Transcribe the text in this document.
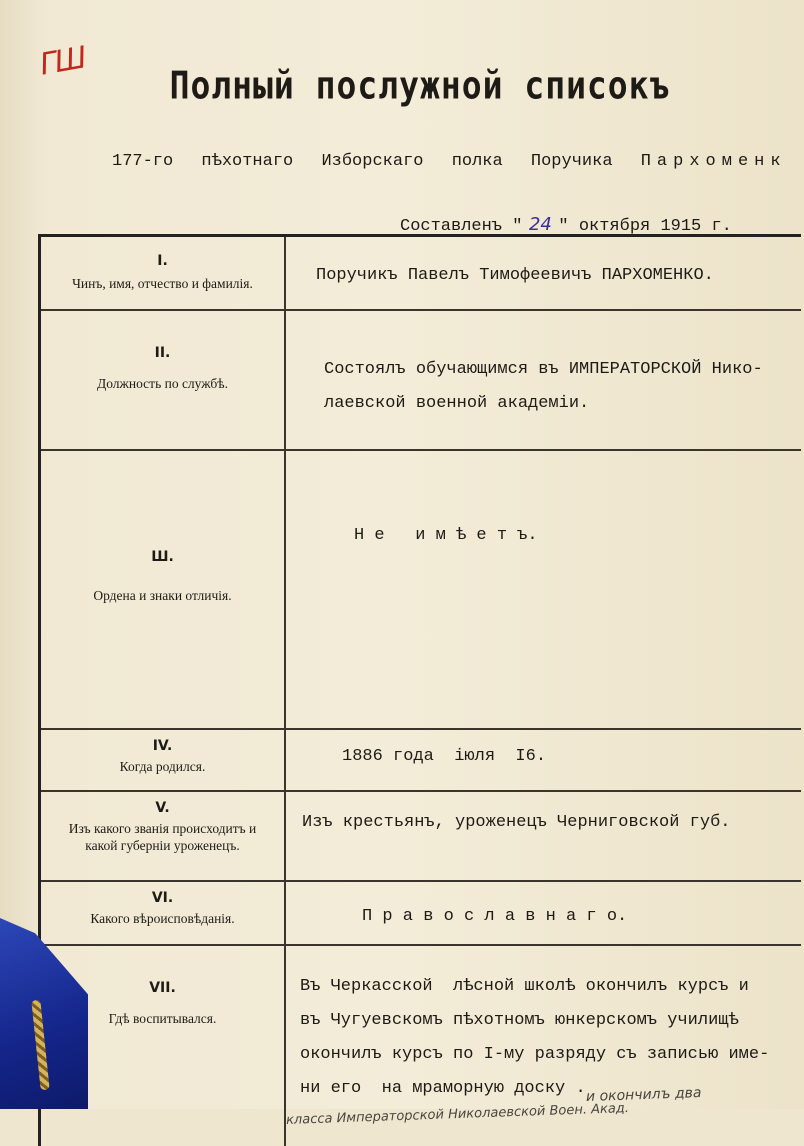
ГШ
Полный послужной списокъ
177-го пѣхотнаго Изборскаго полка Поручика Пархоменк
Составленъ " 24 " октября 1915 г.
I.
Чинъ, имя, отчество и фамилія.	Поручикъ Павелъ Тимофеевичъ ПАРХОМЕНКО.
II.
Должность по службѣ.
Состоялъ обучающимся въ ИМПЕРАТОРСКОЙ Нико-
лаевской военной академіи.
Ш.
Ордена и знаки отличія.
Н е   и м ѣ е т ъ.
IV.
Когда родился.
1886 года  іюля  I6.
V.
Изъ какого званія происходитъ и какой губерніи уроженецъ.
Изъ крестьянъ, уроженецъ Черниговской губ.
VI.
Какого вѣроисповѣданія.	П р а в о с л а в н а г о.
VII.
Гдѣ воспитывался.
Въ Черкасской  лѣсной школѣ окончилъ курсъ и
въ Чугуевскомъ пѣхотномъ юнкерскомъ училищѣ
окончилъ курсъ по I-му разряду съ записью име-
ни его  на мраморную доску . и окончилъ два
класса Императорской Николаевской Воен. Акад.
